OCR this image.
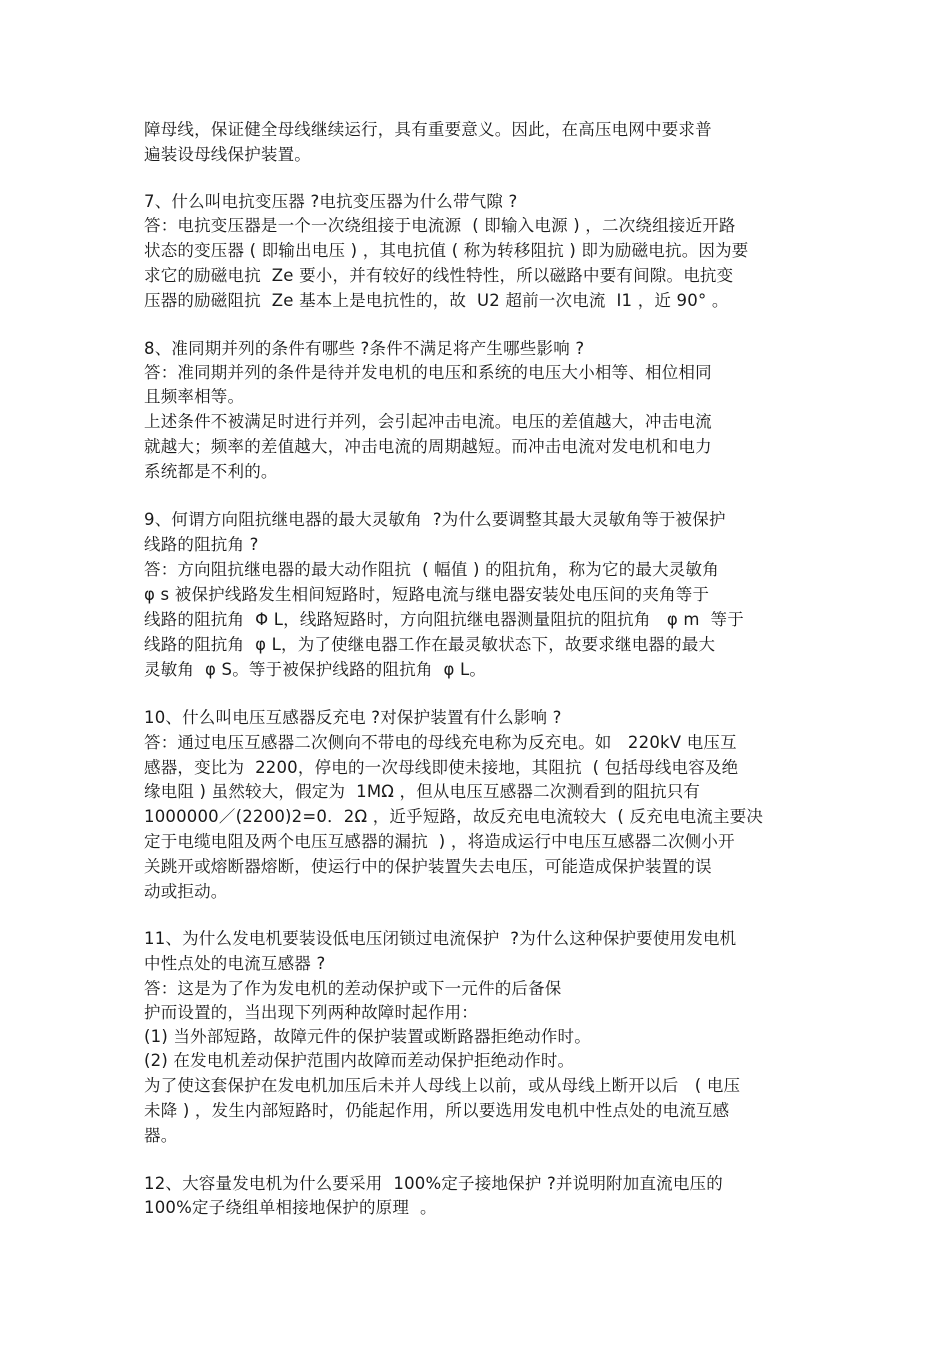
障母线，保证健全母线继续运行，具有重要意义。因此，在高压电网中要求普
遍装设母线保护装置。
7、什么叫电抗变压器 ?电抗变压器为什么带气隙 ?
答：电抗变压器是一个一次绕组接于电流源  ( 即输入电源 ) ，二次绕组接近开路
状态的变压器 ( 即输出电压 ) ，其电抗值 ( 称为转移阻抗 ) 即为励磁电抗。因为要
求它的励磁电抗  Ze 要小，并有较好的线性特性，所以磁路中要有间隙。电抗变
压器的励磁阻抗  Ze 基本上是电抗性的，故  U2 超前一次电流  I1 ，近 90° 。
8、准同期并列的条件有哪些 ?条件不满足将产生哪些影响 ?
答：准同期并列的条件是待并发电机的电压和系统的电压大小相等、相位相同
且频率相等。
上述条件不被满足时进行并列，会引起冲击电流。电压的差值越大，冲击电流
就越大；频率的差值越大，冲击电流的周期越短。而冲击电流对发电机和电力
系统都是不利的。
9、何谓方向阻抗继电器的最大灵敏角  ?为什么要调整其最大灵敏角等于被保护
线路的阻抗角 ?
答：方向阻抗继电器的最大动作阻抗  ( 幅值 ) 的阻抗角，称为它的最大灵敏角
φ s 被保护线路发生相间短路时，短路电流与继电器安装处电压间的夹角等于
线路的阻抗角  Φ L，线路短路时，方向阻抗继电器测量阻抗的阻抗角   φ m  等于
线路的阻抗角  φ L，为了使继电器工作在最灵敏状态下，故要求继电器的最大
灵敏角  φ S。等于被保护线路的阻抗角  φ L。
10、什么叫电压互感器反充电 ?对保护装置有什么影响 ?
答：通过电压互感器二次侧向不带电的母线充电称为反充电。如   220kV 电压互
感器，变比为  2200，停电的一次母线即使未接地，其阻抗  ( 包括母线电容及绝
缘电阻 ) 虽然较大，假定为  1MΩ ，但从电压互感器二次测看到的阻抗只有
1000000／(2200)2=0．2Ω ，近乎短路，故反充电电流较大  ( 反充电电流主要决
定于电缆电阻及两个电压互感器的漏抗  ) ，将造成运行中电压互感器二次侧小开
关跳开或熔断器熔断，使运行中的保护装置失去电压，可能造成保护装置的误
动或拒动。
11、为什么发电机要装设低电压闭锁过电流保护  ?为什么这种保护要使用发电机
中性点处的电流互感器 ?
答：这是为了作为发电机的差动保护或下一元件的后备保
护而设置的，当出现下列两种故障时起作用：
(1) 当外部短路，故障元件的保护装置或断路器拒绝动作时。
(2) 在发电机差动保护范围内故障而差动保护拒绝动作时。
为了使这套保护在发电机加压后未并人母线上以前，或从母线上断开以后   ( 电压
未降 ) ，发生内部短路时，仍能起作用，所以要选用发电机中性点处的电流互感
器。
12、大容量发电机为什么要采用  100%定子接地保护 ?并说明附加直流电压的
100%定子绕组单相接地保护的原理  。
